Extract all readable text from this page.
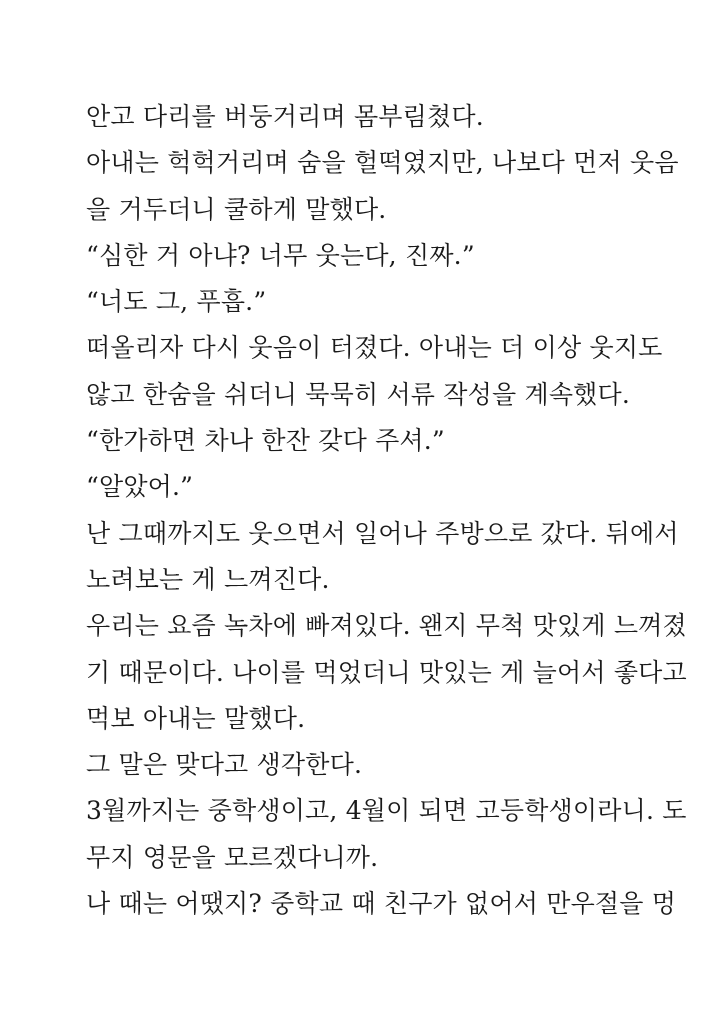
안고 다리를 버둥거리며 몸부림쳤다.
아내는 헉헉거리며 숨을 헐떡였지만, 나보다 먼저 웃음
을 거두더니 쿨하게 말했다.
“심한 거 아냐? 너무 웃는다, 진짜.”
“너도 그, 푸흡.”
떠올리자 다시 웃음이 터졌다. 아내는 더 이상 웃지도
않고 한숨을 쉬더니 묵묵히 서류 작성을 계속했다.
“한가하면 차나 한잔 갖다 주셔.”
“알았어.”
난 그때까지도 웃으면서 일어나 주방으로 갔다. 뒤에서
노려보는 게 느껴진다.
우리는 요즘 녹차에 빠져있다. 왠지 무척 맛있게 느껴졌
기 때문이다. 나이를 먹었더니 맛있는 게 늘어서 좋다고
먹보 아내는 말했다.
그 말은 맞다고 생각한다.
3월까지는 중학생이고, 4월이 되면 고등학생이라니. 도
무지 영문을 모르겠다니까.
나 때는 어땠지? 중학교 때 친구가 없어서 만우절을 멍
